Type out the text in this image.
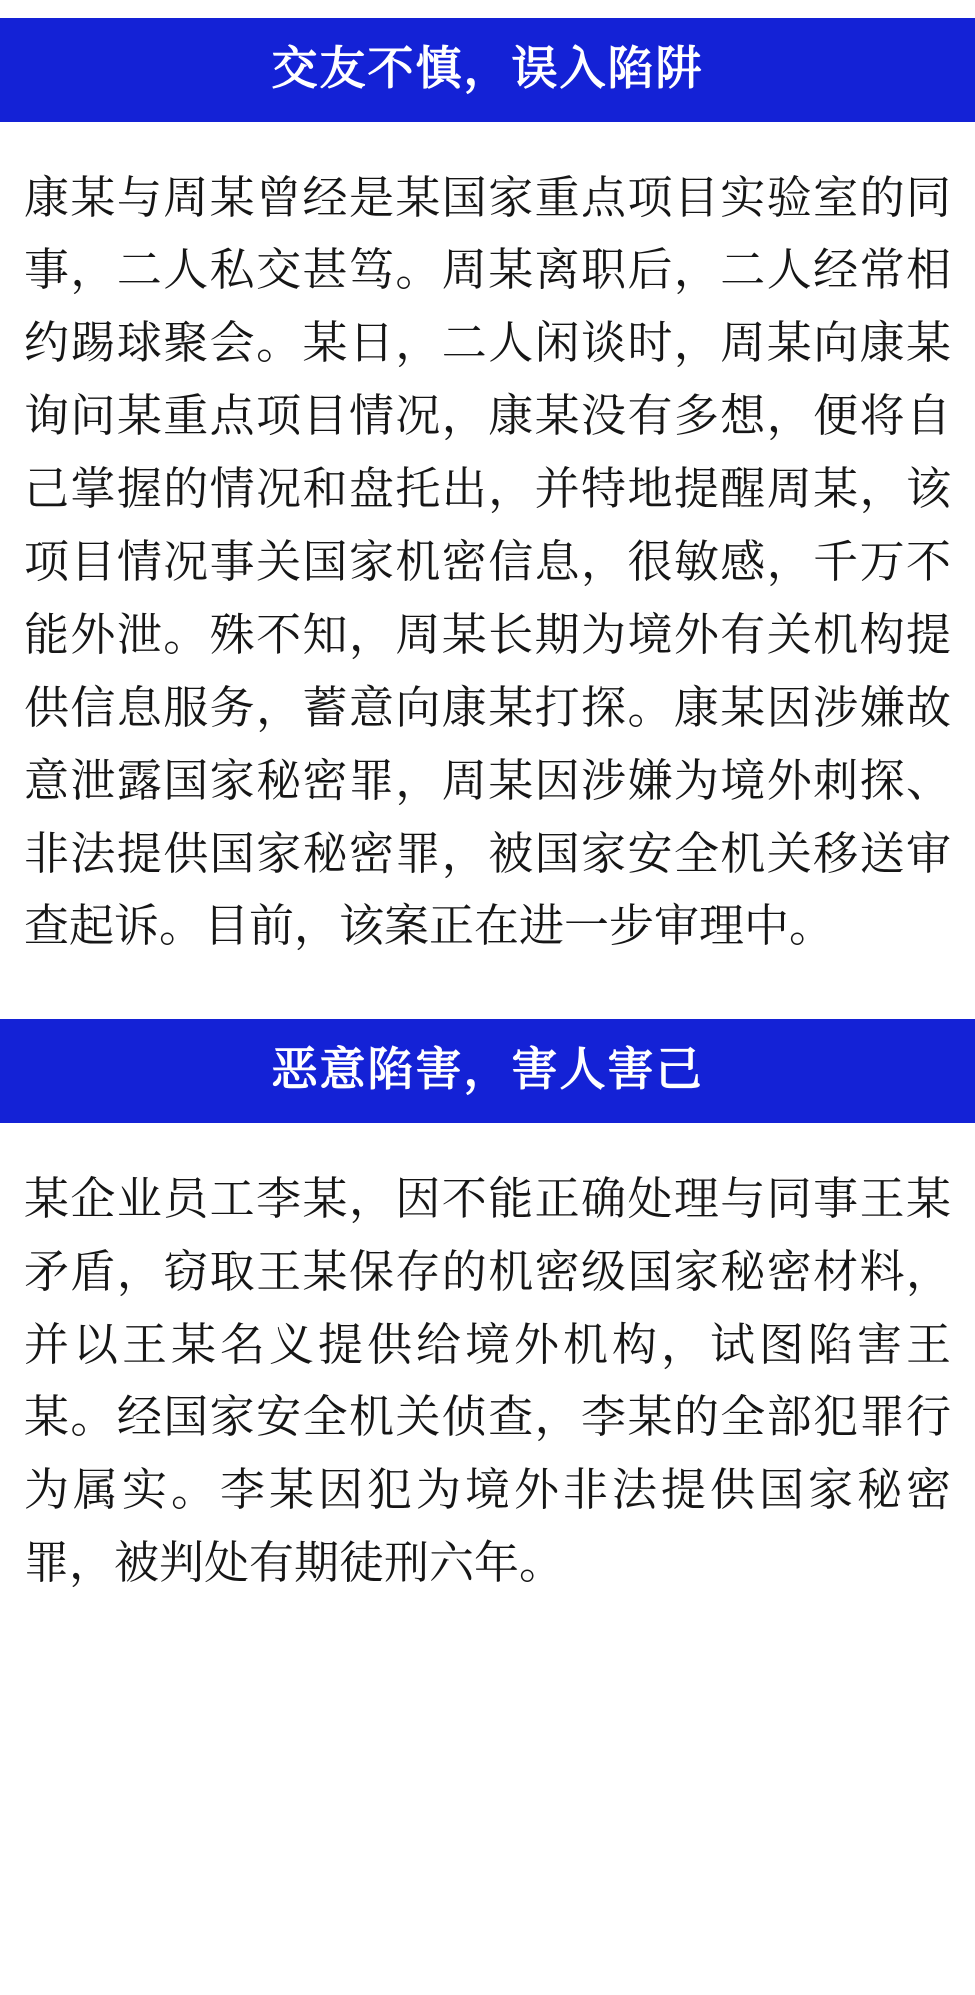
交友不慎，误入陷阱
康某与周某曾经是某国家重点项目实验室的同事，二人私交甚笃。周某离职后，二人经常相约踢球聚会。某日，二人闲谈时，周某向康某询问某重点项目情况，康某没有多想，便将自己掌握的情况和盘托出，并特地提醒周某，该项目情况事关国家机密信息，很敏感，千万不能外泄。殊不知，周某长期为境外有关机构提供信息服务，蓄意向康某打探。康某因涉嫌故意泄露国家秘密罪，周某因涉嫌为境外刺探、非法提供国家秘密罪，被国家安全机关移送审查起诉。目前，该案正在进一步审理中。
恶意陷害，害人害己
某企业员工李某，因不能正确处理与同事王某矛盾，窃取王某保存的机密级国家秘密材料，并以王某名义提供给境外机构，试图陷害王某。经国家安全机关侦查，李某的全部犯罪行为属实。李某因犯为境外非法提供国家秘密罪，被判处有期徒刑六年。
